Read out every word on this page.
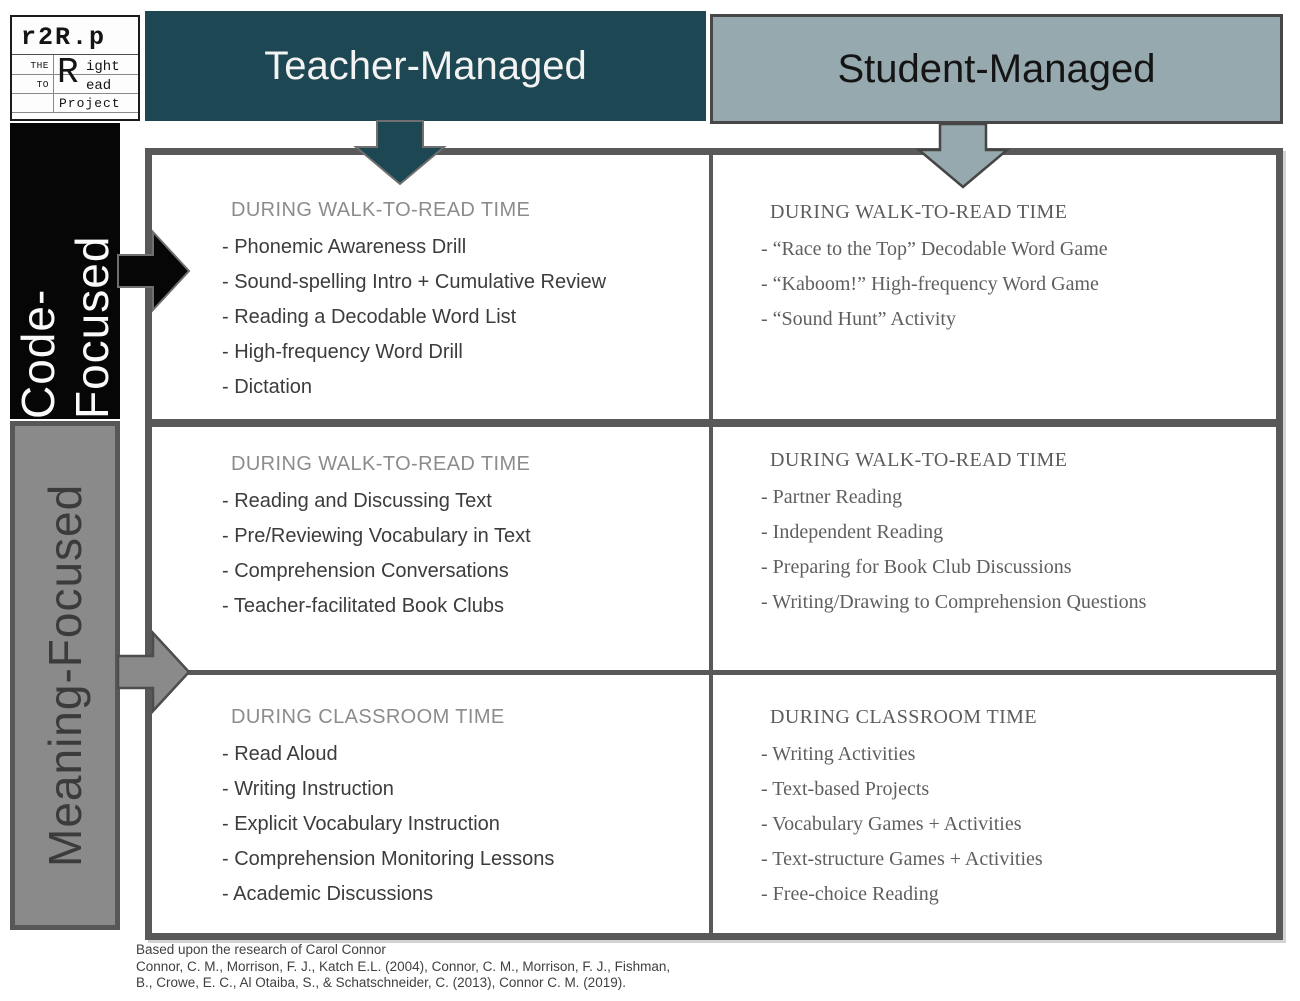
r2R.p
THE
TO R ight
ead
Project
Teacher-Managed	Student-Managed
Code-Focused
Meaning-Focused
DURING WALK-TO-READ TIME
- Phonemic Awareness Drill
- Sound-spelling Intro + Cumulative Review
- Reading a Decodable Word List
- High-frequency Word Drill
- Dictation
DURING WALK-TO-READ TIME
- “Race to the Top” Decodable Word Game
- “Kaboom!” High-frequency Word Game
- “Sound Hunt” Activity
DURING WALK-TO-READ TIME
- Reading and Discussing Text
- Pre/Reviewing Vocabulary in Text
- Comprehension Conversations
- Teacher-facilitated Book Clubs
DURING WALK-TO-READ TIME
- Partner Reading
- Independent Reading
- Preparing for Book Club Discussions
- Writing/Drawing to Comprehension Questions
DURING CLASSROOM TIME
- Read Aloud
- Writing Instruction
- Explicit Vocabulary Instruction
- Comprehension Monitoring Lessons
- Academic Discussions
DURING CLASSROOM TIME
- Writing Activities
- Text-based Projects
- Vocabulary Games + Activities
- Text-structure Games + Activities
- Free-choice Reading
Based upon the research of Carol Connor
Connor, C. M., Morrison, F. J., Katch E.L. (2004), Connor, C. M., Morrison, F. J., Fishman,
B., Crowe, E. C., Al Otaiba, S., & Schatschneider, C. (2013), Connor C. M. (2019).
